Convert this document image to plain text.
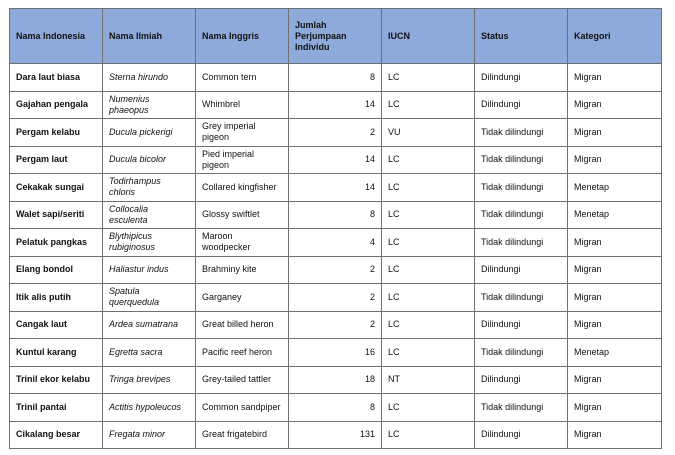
Nama Indonesia	Nama Ilmiah	Nama Inggris	Jumlah Perjumpaan Individu	IUCN	Status	Kategori
Dara laut biasa	Sterna hirundo	Common tern	8	LC	Dilindungi	Migran
Gajahan pengala	Numenius phaeopus	Whimbrel	14	LC	Dilindungi	Migran
Pergam kelabu	Ducula pickerigi	Grey imperial pigeon	2	VU	Tidak dilindungi	Migran
Pergam laut	Ducula bicolor	Pied imperial pigeon	14	LC	Tidak dilindungi	Migran
Cekakak sungai	Todirhampus chloris	Collared kingfisher	14	LC	Tidak dilindungi	Menetap
Walet sapi/seriti	Collocalia esculenta	Glossy swiftlet	8	LC	Tidak dilindungi	Menetap
Pelatuk pangkas	Blythipicus rubiginosus	Maroon woodpecker	4	LC	Tidak dilindungi	Migran
Elang bondol	Haliastur indus	Brahminy kite	2	LC	Dilindungi	Migran
Itik alis putih	Spatula querquedula	Garganey	2	LC	Tidak dilindungi	Migran
Cangak laut	Ardea sumatrana	Great billed heron	2	LC	Dilindungi	Migran
Kuntul karang	Egretta sacra	Pacific reef heron	16	LC	Tidak dilindungi	Menetap
Trinil ekor kelabu	Tringa brevipes	Grey-tailed tattler	18	NT	Dilindungi	Migran
Trinil pantai	Actitis hypoleucos	Common sandpiper	8	LC	Tidak dilindungi	Migran
Cikalang besar	Fregata minor	Great frigatebird	131	LC	Dilindungi	Migran
